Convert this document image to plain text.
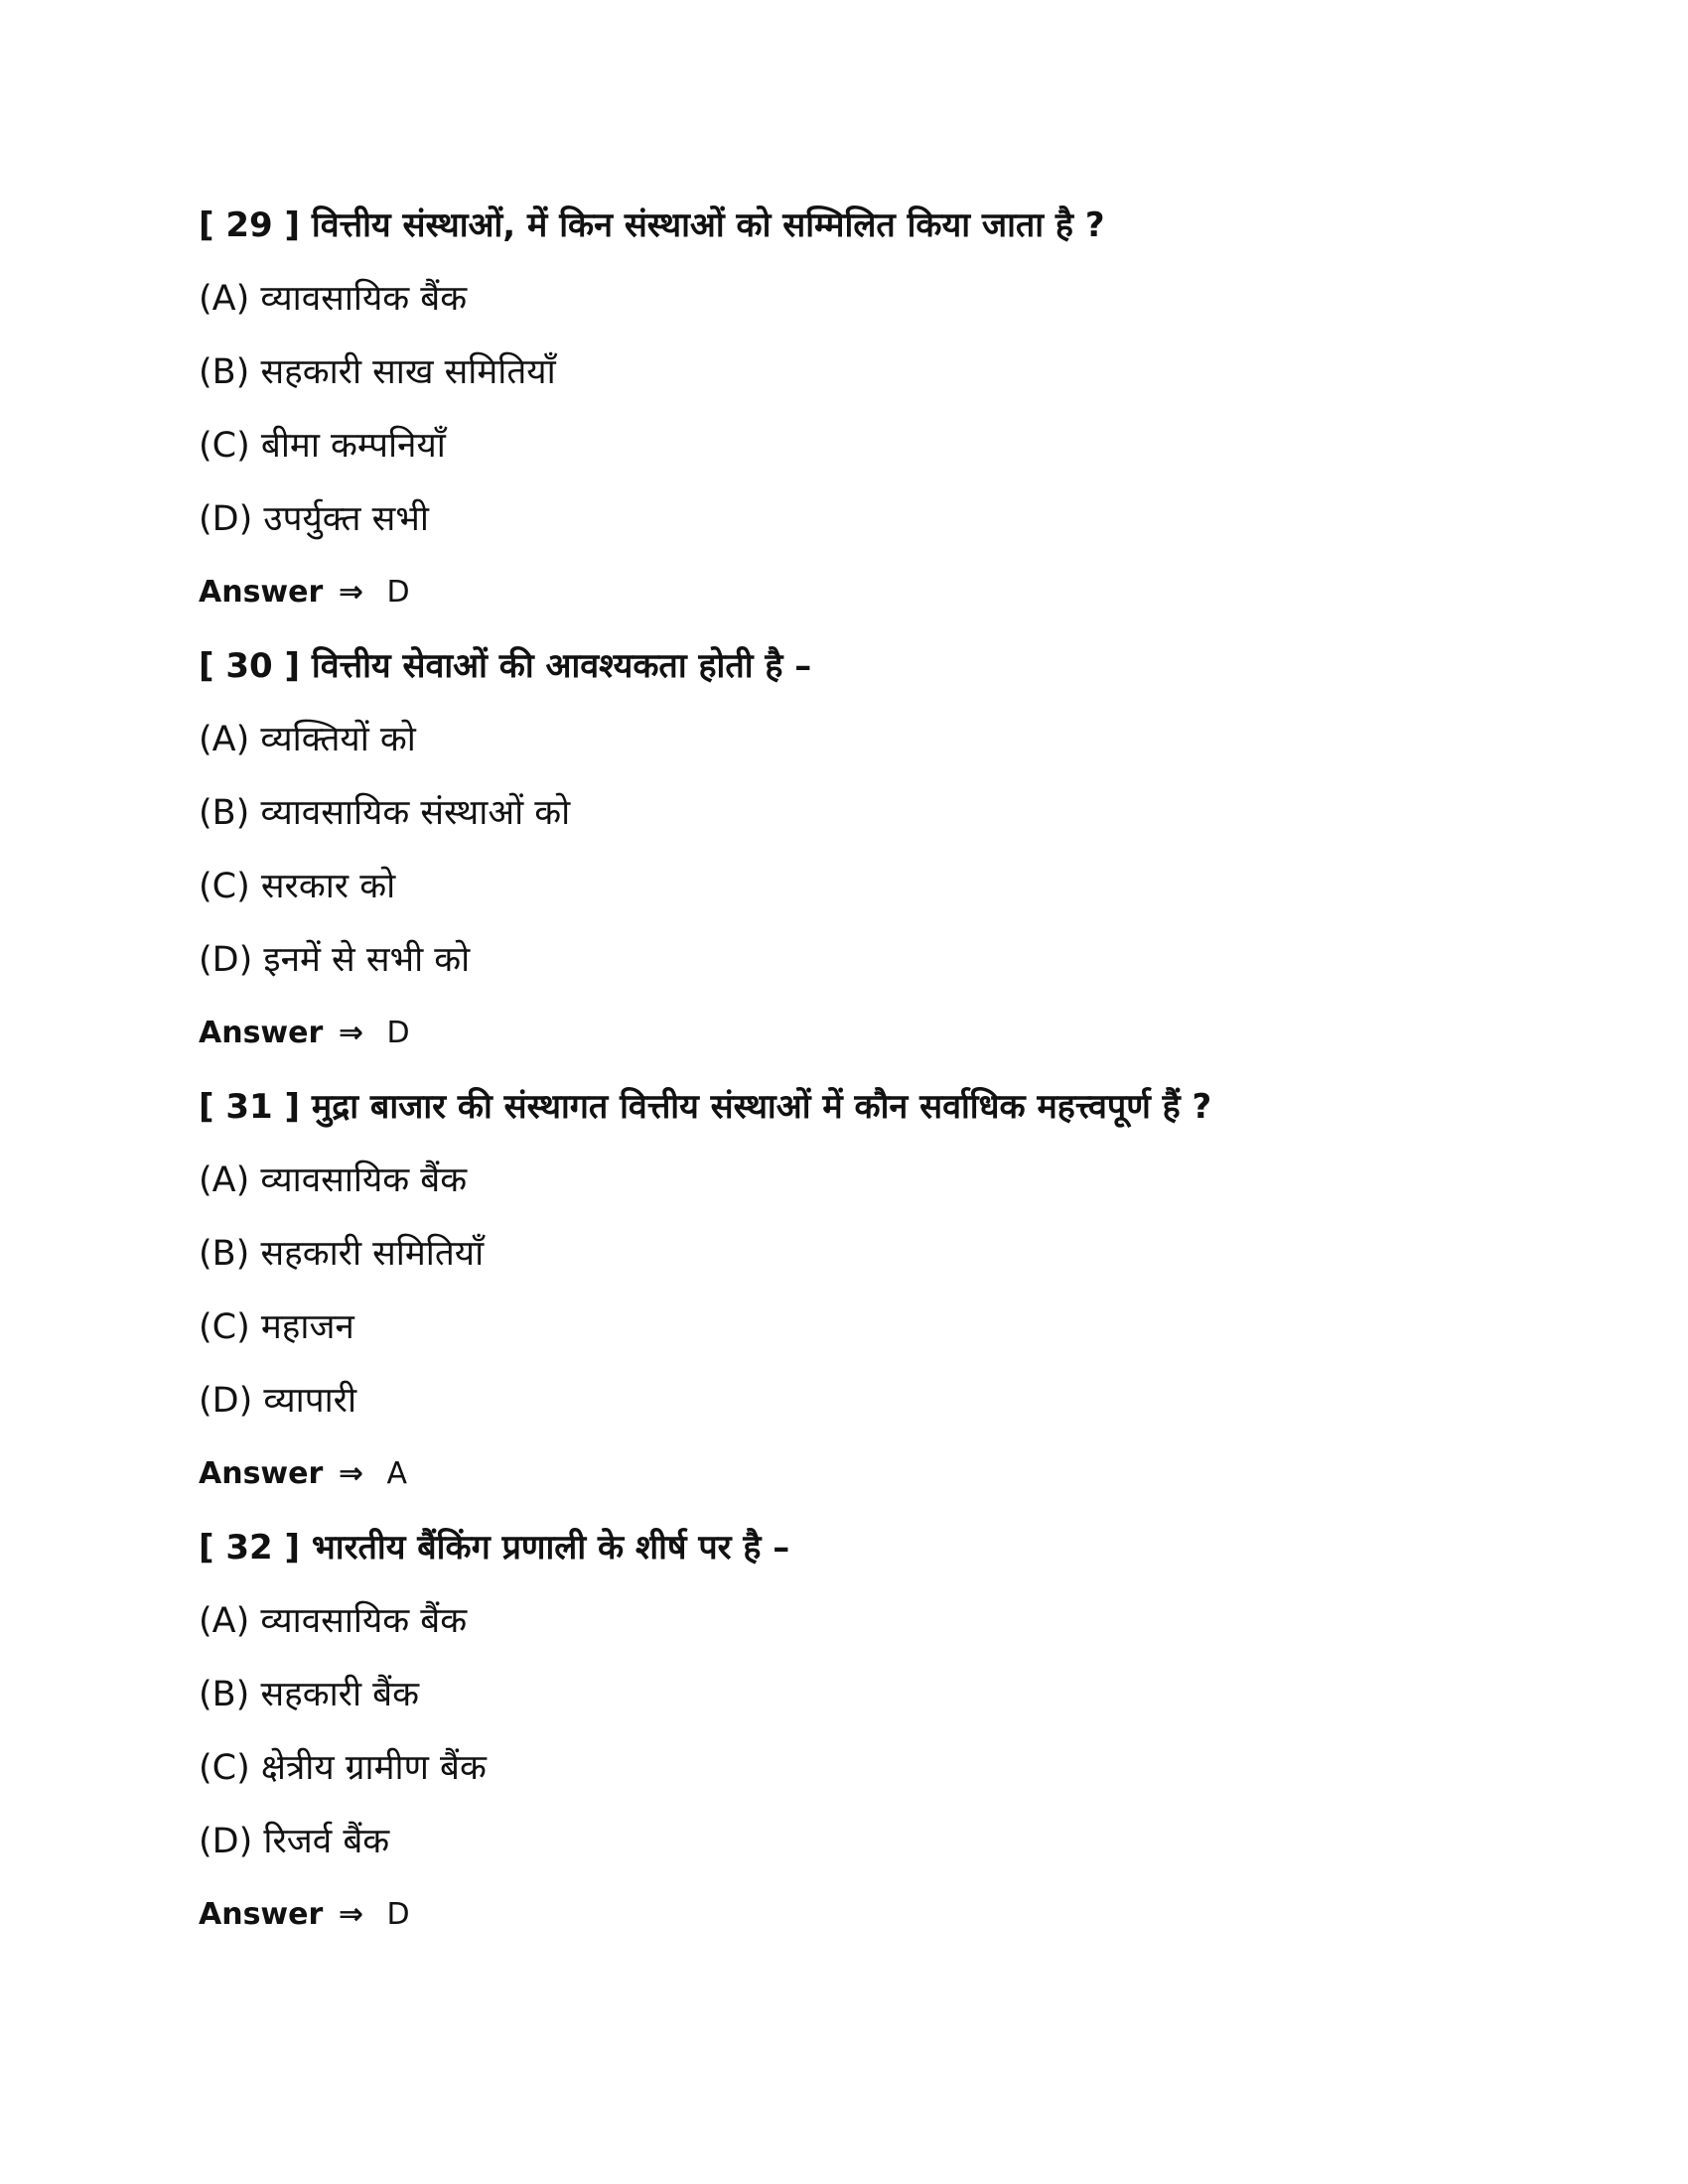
[ 29 ] वित्तीय संस्थाओं, में किन संस्थाओं को सम्मिलित किया जाता है ?
(A) व्यावसायिक बैंक
(B) सहकारी साख समितियाँ
(C) बीमा कम्पनियाँ
(D) उपर्युक्त सभी
Answer ⇒ D
[ 30 ] वित्तीय सेवाओं की आवश्यकता होती है –
(A) व्यक्तियों को
(B) व्यावसायिक संस्थाओं को
(C) सरकार को
(D) इनमें से सभी को
Answer ⇒ D
[ 31 ] मुद्रा बाजार की संस्थागत वित्तीय संस्थाओं में कौन सर्वाधिक महत्त्वपूर्ण हैं ?
(A) व्यावसायिक बैंक
(B) सहकारी समितियाँ
(C) महाजन
(D) व्यापारी
Answer ⇒ A
[ 32 ] भारतीय बैंकिंग प्रणाली के शीर्ष पर है –
(A) व्यावसायिक बैंक
(B) सहकारी बैंक
(C) क्षेत्रीय ग्रामीण बैंक
(D) रिजर्व बैंक
Answer ⇒ D
